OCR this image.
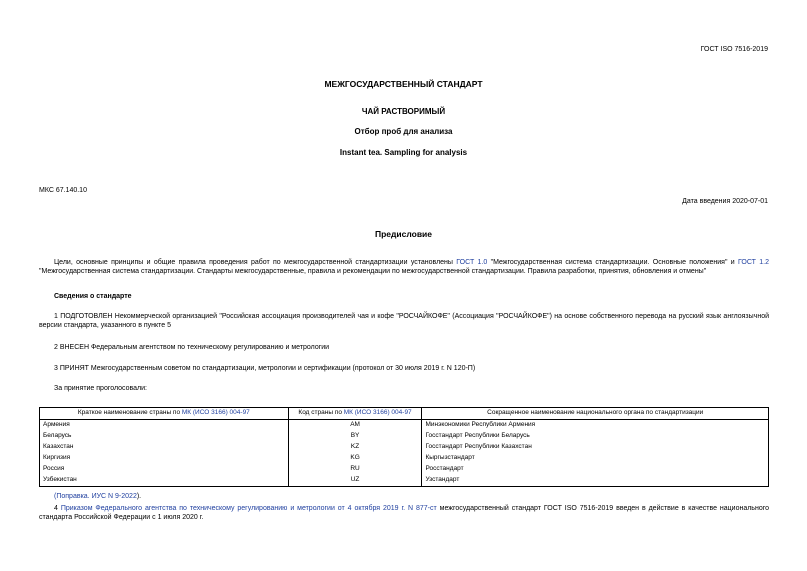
ГОСТ ISO 7516-2019
МЕЖГОСУДАРСТВЕННЫЙ СТАНДАРТ
ЧАЙ РАСТВОРИМЫЙ
Отбор проб для анализа
Instant tea. Sampling for analysis
МКС 67.140.10
Дата введения 2020-07-01
Предисловие
Цели, основные принципы и общие правила проведения работ по межгосударственной стандартизации установлены ГОСТ 1.0 "Межгосударственная система стандартизации. Основные положения" и ГОСТ 1.2 "Межгосударственная система стандартизации. Стандарты межгосударственные, правила и рекомендации по межгосударственной стандартизации. Правила разработки, принятия, обновления и отмены"
Сведения о стандарте
1 ПОДГОТОВЛЕН Некоммерческой организацией "Российская ассоциация производителей чая и кофе "РОСЧАЙКОФЕ" (Ассоциация "РОСЧАЙКОФЕ") на основе собственного перевода на русский язык англоязычной версии стандарта, указанного в пункте 5
2 ВНЕСЕН Федеральным агентством по техническому регулированию и метрологии
3 ПРИНЯТ Межгосударственным советом по стандартизации, метрологии и сертификации (протокол от 30 июля 2019 г. N 120-П)
За принятие проголосовали:
Краткое наименование страны по МК (ИСО 3166) 004-97	Код страны по МК (ИСО 3166) 004-97	Сокращенное наименование национального органа по стандартизации
Армения	AM	Минэкономики Республики Армения
Беларусь	BY	Госстандарт Республики Беларусь
Казахстан	KZ	Госстандарт Республики Казахстан
Киргизия	KG	Кыргызстандарт
Россия	RU	Росстандарт
Узбекистан	UZ	Узстандарт
(Поправка. ИУС N 9-2022).
4 Приказом Федерального агентства по техническому регулированию и метрологии от 4 октября 2019 г. N 877-ст межгосударственный стандарт ГОСТ ISO 7516-2019 введен в действие в качестве национального стандарта Российской Федерации с 1 июля 2020 г.
